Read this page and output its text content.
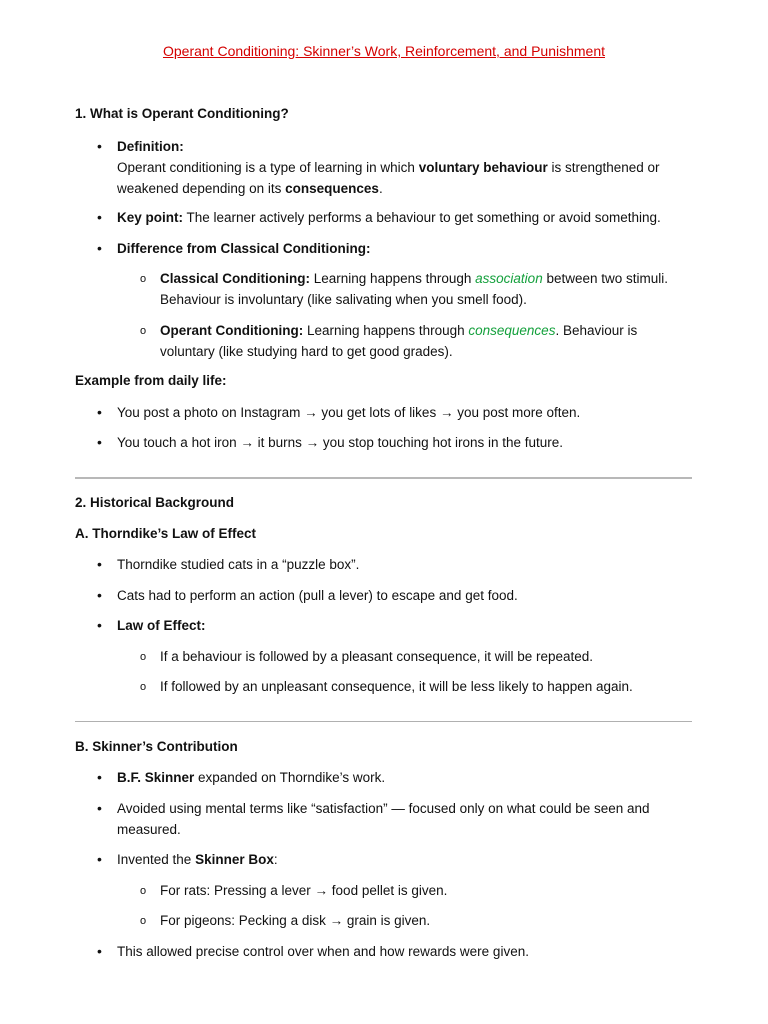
Operant Conditioning: Skinner’s Work, Reinforcement, and Punishment
1. What is Operant Conditioning?
• Definition:
Operant conditioning is a type of learning in which voluntary behaviour is strengthened or
weakened depending on its consequences.
• Key point: The learner actively performs a behaviour to get something or avoid something.
• Difference from Classical Conditioning:
o Classical Conditioning: Learning happens through association between two stimuli.
Behaviour is involuntary (like salivating when you smell food).
o Operant Conditioning: Learning happens through consequences. Behaviour is
voluntary (like studying hard to get good grades).
Example from daily life:
• You post a photo on Instagram → you get lots of likes → you post more often.
• You touch a hot iron → it burns → you stop touching hot irons in the future.
2. Historical Background
A. Thorndike’s Law of Effect
• Thorndike studied cats in a “puzzle box”.
• Cats had to perform an action (pull a lever) to escape and get food.
• Law of Effect:
o If a behaviour is followed by a pleasant consequence, it will be repeated.
o If followed by an unpleasant consequence, it will be less likely to happen again.
B. Skinner’s Contribution
• B.F. Skinner expanded on Thorndike’s work.
• Avoided using mental terms like “satisfaction” — focused only on what could be seen and
measured.
• Invented the Skinner Box:
o For rats: Pressing a lever → food pellet is given.
o For pigeons: Pecking a disk → grain is given.
• This allowed precise control over when and how rewards were given.
